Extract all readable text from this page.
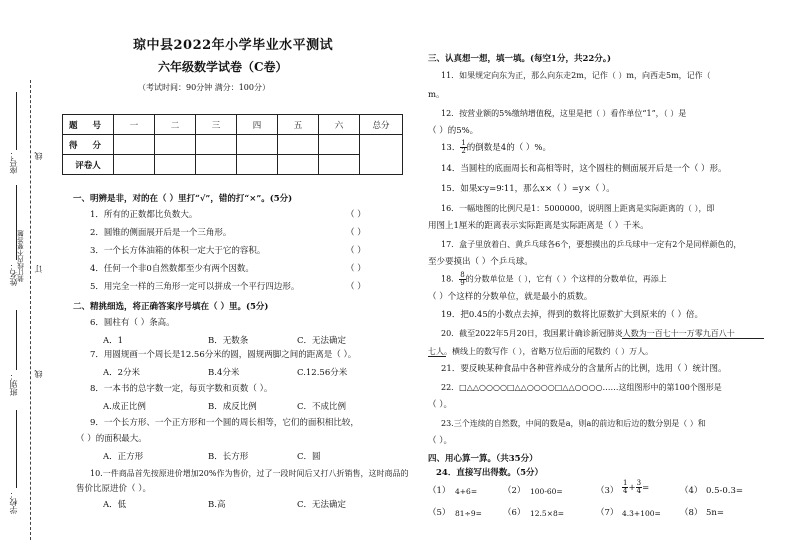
座号：
姓名： 装订线内不要答题 订
线
线
班别：
学校：
琼中县2022年小学毕业水平测试
六年级数学试卷（C卷）
（考试时间：90分钟 满分：100分）
题 号	一	二	三	四	五	六	总分
得 分							
评卷人							
一、明辨是非，对的在（ ）里打“√”，错的打“×”。(5分)
1．所有的正数都比负数大。	（ ）
2．圆锥的侧面展开后是一个三角形。	（ ）
3．一个长方体油箱的体积一定大于它的容积。	（ ）
4．任何一个非0自然数都至少有两个因数。	（ ）
5．用完全一样的三角形一定可以拼成一个平行四边形。	（ ）
二、精挑细选，将正确答案序号填在（ ）里。(5分)
6．圆柱有（ ）条高。
A．1	B．无数条	C．无法确定
7．用圆规画一个周长是12.56分米的圆，圆规两脚之间的距离是（ ）。
A．2分米	B.4分米	C.12.56分米
8．一本书的总字数一定，每页字数和页数（ ）。
A.成正比例	B．成反比例	C．不成比例
9．一个长方形、一个正方形和一个圆的周长相等，它们的面积相比较，
（ ）的面积最大。
A．正方形	B．长方形	C．圆
10.一件商品首先按原进价增加20%作为售价，过了一段时间后又打八折销售，这时商品的
售价比原进价（ ）。
A．低	B.高	C．无法确定
三、认真想一想，填一填。(每空1分，共22分。)
11．如果规定向东为正，那么向东走2m，记作（ ）m，向西走5m，记作（
m。
12．按营业额的5%缴纳增值税，这里是把（ ）看作单位“1”，（ ）是
（ ）的5%。
13． $\frac{1}{2}$ 的倒数是4的（ ）%。
14．当圆柱的底面周长和高相等时，这个圆柱的侧面展开后是一个（ ）形。
15．如果x∶y=9∶11，那么x×（ ）=y×（ ）。
16．一幅地图的比例尺是1：5000000，说明图上距离是实际距离的（ ），即
用图上1厘米的距离表示实际距离是实际距离是（ ）千米。
17．盒子里放着白、黄乒乓球各6个，要想摸出的乒乓球中一定有2个是同样颜色的，
至少要摸出（ ）个乒乓球。
18． $\frac{8}{9}$ 的分数单位是（ ），它有（ ）个这样的分数单位，再添上
（ ）个这样的分数单位，就是最小的质数。
19．把0.45的小数点去掉，得到的数将比原数扩大到原来的（ ）倍。
20．截至2022年5月20日，我国累计确诊新冠肺炎人数为一百七十一万零九百八十
七人。横线上的数写作（ ），省略万位后面的尾数约（ ）万人。
21．要反映某种食品中各种营养成分的含量所占的比例，选用（ ）统计图。
22．□△△○○○○□△△○○○○□△△○○○○……这组图形中的第100个图形是
（ ）。
23.三个连续的自然数，中间的数是a，则a的前边和后边的数分别是（ ）和
（ ）。
四、用心算一算。（共35分）
24．直接写出得数。（5分）
（1） 4+6=	（2） 100-60=	$(3) \frac{1}{4} + \frac{3}{4}$ =	（4） 0.5-0.3=
（5） 81÷9= （6） 12.5×8=	（7） 4.3+100= （8） 5n=
